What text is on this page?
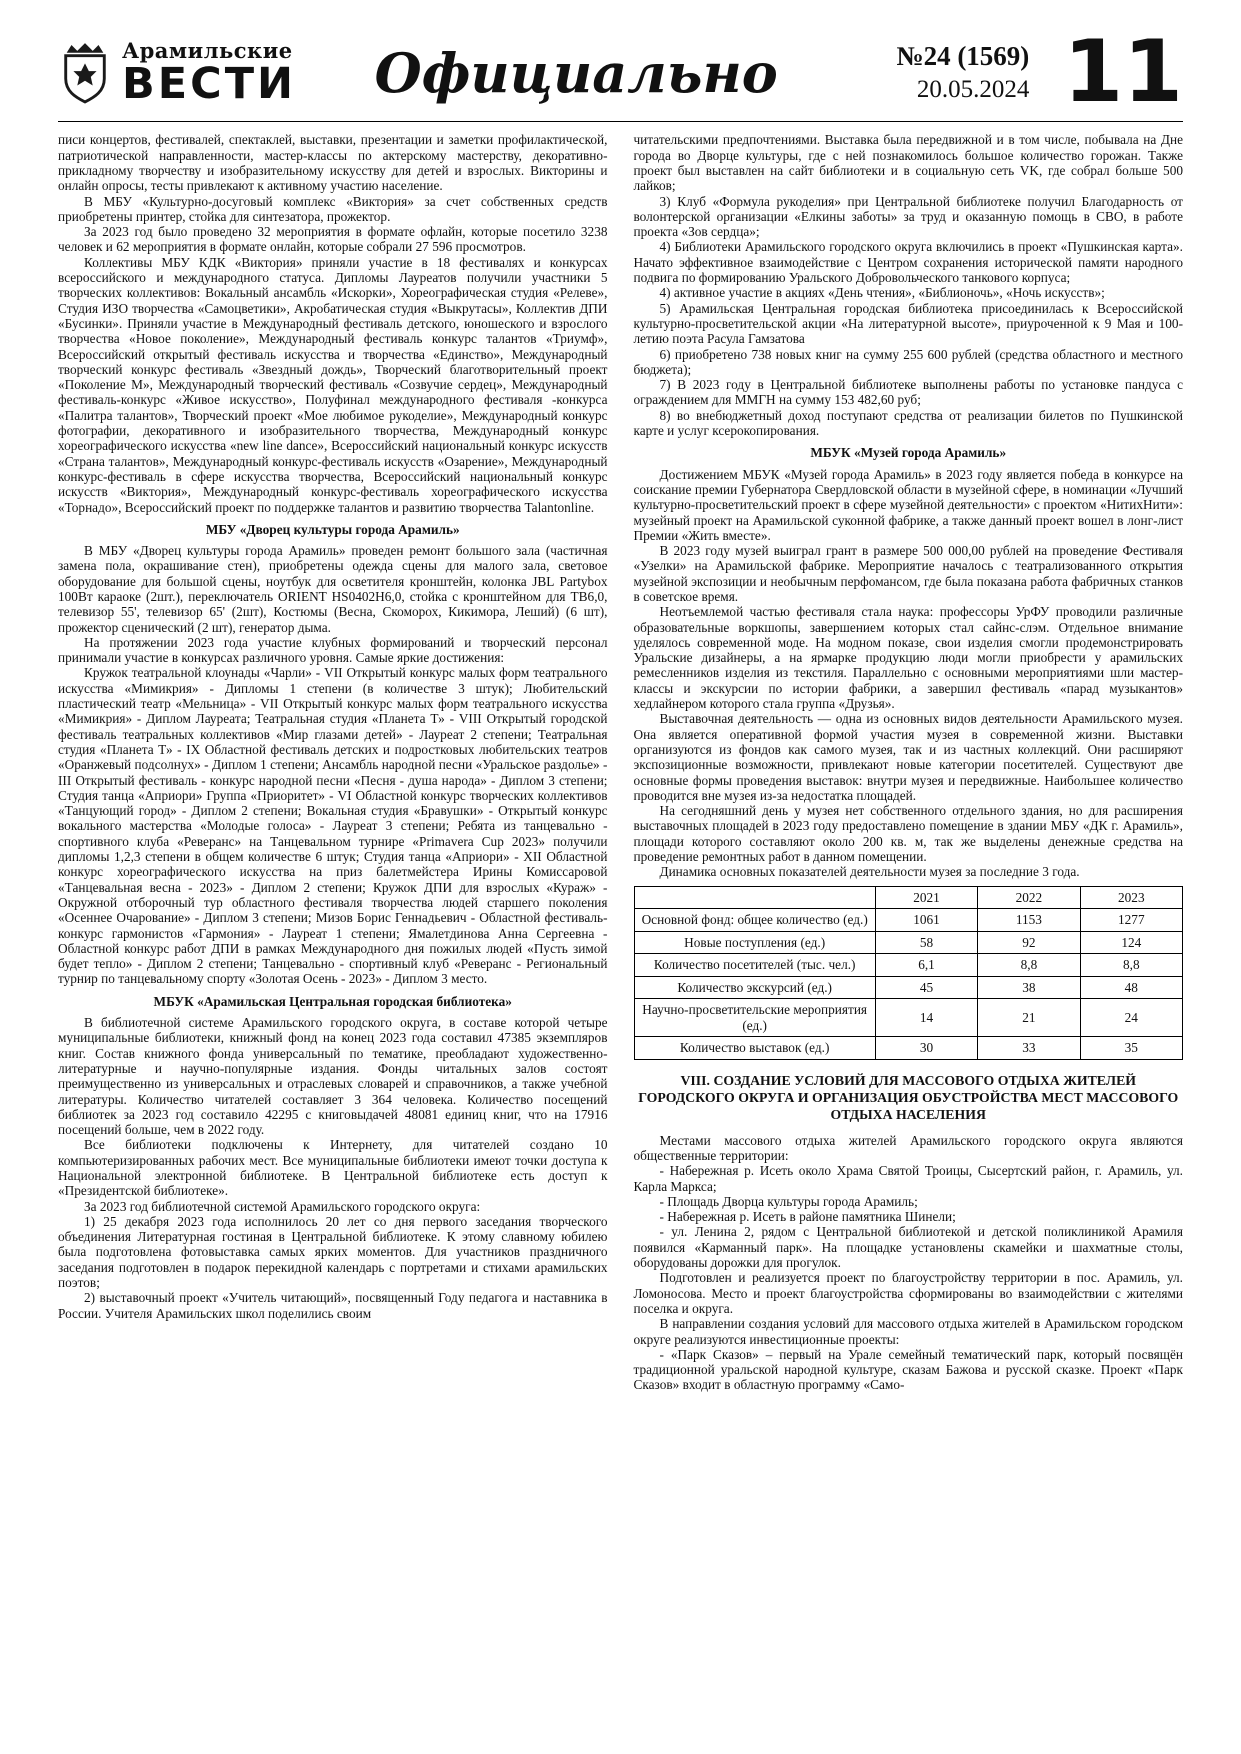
Арамильские
ВЕСТИ	Официально	№24 (1569)
20.05.2024 11

писи концертов, фестивалей, спектаклей, выставки, презентации и заметки профилактической, патриотической направленности, мастер-классы по актерскому мастерству, декоративно-прикладному творчеству и изобразительному искусству для детей и взрослых. Викторины и онлайн опросы, тесты привлекают к активному участию население.

В МБУ «Культурно-досуговый комплекс «Виктория» за счет собственных средств приобретены принтер, стойка для синтезатора, прожектор.

За 2023 год было проведено 32 мероприятия в формате офлайн, которые посетило 3238 человек и 62 мероприятия в формате онлайн, которые собрали 27 596 просмотров.

Коллективы МБУ КДК «Виктория» приняли участие в 18 фестивалях и конкурсах всероссийского и международного статуса. Дипломы Лауреатов получили участники 5 творческих коллективов: Вокальный ансамбль «Искорки», Хореографическая студия «Релеве», Студия ИЗО творчества «Самоцветики», Акробатическая студия «Выкрутасы», Коллектив ДПИ «Бусинки». Приняли участие в Международный фестиваль детского, юношеского и взрослого творчества «Новое поколение», Международный фестиваль конкурс талантов «Триумф», Всероссийский открытый фестиваль искусства и творчества «Единство», Международный творческий конкурс фестиваль «Звездный дождь», Творческий благотворительный проект «Поколение М», Международный творческий фестиваль «Созвучие сердец», Международный фестиваль-конкурс «Живое искусство», Полуфинал международного фестиваля -конкурса «Палитра талантов», Творческий проект «Мое любимое рукоделие», Международный конкурс фотографии, декоративного и изобразительного творчества, Международный конкурс хореографического искусства «new line dance», Всероссийский национальный конкурс искусств «Страна талантов», Международный конкурс-фестиваль искусств «Озарение», Международный конкурс-фестиваль в сфере искусства творчества, Всероссийский национальный конкурс искусств «Виктория», Международный конкурс-фестиваль хореографического искусства «Торнадо», Всероссийский проект по поддержке талантов и развитию творчества Talantonline.

МБУ «Дворец культуры города Арамиль»

В МБУ «Дворец культуры города Арамиль» проведен ремонт большого зала (частичная замена пола, окрашивание стен), приобретены одежда сцены для малого зала, световое оборудование для большой сцены, ноутбук для осветителя кронштейн, колонка JBL Partybox 100Вт караоке (2шт.), переключатель ORIENT HS0402H6,0, стойка с кронштейном для ТВ6,0, телевизор 55', телевизор 65' (2шт), Костюмы (Весна, Скоморох, Кикимора, Леший) (6 шт), прожектор сценический (2 шт), генератор дыма.

На протяжении 2023 года участие клубных формирований и творческий персонал принимали участие в конкурсах различного уровня. Самые яркие достижения:

Кружок театральной клоунады «Чарли» - VII Открытый конкурс малых форм театрального искусства «Мимикрия» - Дипломы 1 степени (в количестве 3 штук); Любительский пластический театр «Мельница» - VII Открытый конкурс малых форм театрального искусства «Мимикрия» - Диплом Лауреата; Театральная студия «Планета Т» - VIII Открытый городской фестиваль театральных коллективов «Мир глазами детей» - Лауреат 2 степени; Театральная студия «Планета Т» - IX Областной фестиваль детских и подростковых любительских театров «Оранжевый подсолнух» - Диплом 1 степени; Ансамбль народной песни «Уральское раздолье» - III Открытый фестиваль - конкурс народной песни «Песня - душа народа» - Диплом 3 степени; Студия танца «Априори» Группа «Приоритет» - VI Областной конкурс творческих коллективов «Танцующий город» - Диплом 2 степени; Вокальная студия «Бравушки» - Открытый конкурс вокального мастерства «Молодые голоса» - Лауреат 3 степени; Ребята из танцевально - спортивного клуба «Реверанс» на Танцевальном турнире «Primavera Cup 2023» получили дипломы 1,2,3 степени в общем количестве 6 штук; Студия танца «Априори» - XII Областной конкурс хореографического искусства на приз балетмейстера Ирины Комиссаровой «Танцевальная весна - 2023» - Диплом 2 степени; Кружок ДПИ для взрослых «Кураж» - Окружной отборочный тур областного фестиваля творчества людей старшего поколения «Осеннее Очарование» - Диплом 3 степени; Мизов Борис Геннадьевич - Областной фестиваль-конкурс гармонистов «Гармония» - Лауреат 1 степени; Ямалетдинова Анна Сергеевна - Областной конкурс работ ДПИ в рамках Международного дня пожилых людей «Пусть зимой будет тепло» - Диплом 2 степени; Танцевально - спортивный клуб «Реверанс - Региональный турнир по танцевальному спорту «Золотая Осень - 2023» - Диплом 3 место.

МБУК «Арамильская Центральная городская библиотека»

В библиотечной системе Арамильского городского округа, в составе которой четыре муниципальные библиотеки, книжный фонд на конец 2023 года составил 47385 экземпляров книг. Состав книжного фонда универсальный по тематике, преобладают художественно-литературные и научно-популярные издания. Фонды читальных залов состоят преимущественно из универсальных и отраслевых словарей и справочников, а также учебной литературы. Количество читателей составляет 3 364 человека. Количество посещений библиотек за 2023 год составило 42295 с книговыдачей 48081 единиц книг, что на 17916 посещений больше, чем в 2022 году.

Все библиотеки подключены к Интернету, для читателей создано 10 компьютеризированных рабочих мест. Все муниципальные библиотеки имеют точки доступа к Национальной электронной библиотеке. В Центральной библиотеке есть доступ к «Президентской библиотеке».

За 2023 год библиотечной системой Арамильского городского округа:

1) 25 декабря 2023 года исполнилось 20 лет со дня первого заседания творческого объединения Литературная гостиная в Центральной библиотеке. К этому славному юбилею была подготовлена фотовыставка самых ярких моментов. Для участников праздничного заседания подготовлен в подарок перекидной календарь с портретами и стихами арамильских поэтов;

2) выставочный проект «Учитель читающий», посвященный Году педагога и наставника в России. Учителя Арамильских школ поделились своим

читательскими предпочтениями. Выставка была передвижной и в том числе, побывала на Дне города во Дворце культуры, где с ней познакомилось большое количество горожан. Также проект был выставлен на сайт библиотеки и в социальную сеть VK, где собрал больше 500 лайков;

3) Клуб «Формула рукоделия» при Центральной библиотеке получил Благодарность от волонтерской организации «Елкины заботы» за труд и оказанную помощь в СВО, в работе проекта «Зов сердца»;

4) Библиотеки Арамильского городского округа включились в проект «Пушкинская карта». Начато эффективное взаимодействие с Центром сохранения исторической памяти народного подвига по формированию Уральского Добровольческого танкового корпуса;

4) активное участие в акциях «День чтения», «Библионочь», «Ночь искусств»;

5) Арамильская Центральная городская библиотека присоединилась к Всероссийской культурно-просветительской акции «На литературной высоте», приуроченной к 9 Мая и 100-летию поэта Расула Гамзатова

6) приобретено 738 новых книг на сумму 255 600 рублей (средства областного и местного бюджета);

7) В 2023 году в Центральной библиотеке выполнены работы по установке пандуса с ограждением для ММГН на сумму 153 482,60 руб;

8) во внебюджетный доход поступают средства от реализации билетов по Пушкинской карте и услуг ксерокопирования.

МБУК «Музей города Арамиль»

Достижением МБУК «Музей города Арамиль» в 2023 году является победа в конкурсе на соискание премии Губернатора Свердловской области в музейной сфере, в номинации «Лучший культурно-просветительский проект в сфере музейной деятельности» с проектом «НитихНити»: музейный проект на Арамильской суконной фабрике, а также данный проект вошел в лонг-лист Премии «Жить вместе».

В 2023 году музей выиграл грант в размере 500 000,00 рублей на проведение Фестиваля «Узелки» на Арамильской фабрике. Мероприятие началось с театрализованного открытия музейной экспозиции и необычным перфомансом, где была показана работа фабричных станков в советское время.

Неотъемлемой частью фестиваля стала наука: профессоры УрФУ проводили различные образовательные воркшопы, завершением которых стал сайнс-слэм. Отдельное внимание уделялось современной моде. На модном показе, свои изделия смогли продемонстрировать Уральские дизайнеры, а на ярмарке продукцию люди могли приобрести у арамильских ремесленников изделия из текстиля. Параллельно с основными мероприятиями шли мастер-классы и экскурсии по истории фабрики, а завершил фестиваль «парад музыкантов» хедлайнером которого стала группа «Друзья».

Выставочная деятельность — одна из основных видов деятельности Арамильского музея. Она является оперативной формой участия музея в современной жизни. Выставки организуются из фондов как самого музея, так и из частных коллекций. Они расширяют экспозиционные возможности, привлекают новые категории посетителей. Существуют две основные формы проведения выставок: внутри музея и передвижные. Наибольшее количество проводится вне музея из-за недостатка площадей.

На сегодняшний день у музея нет собственного отдельного здания, но для расширения выставочных площадей в 2023 году предоставлено помещение в здании МБУ «ДК г. Арамиль», площади которого составляют около 200 кв. м, так же выделены денежные средства на проведение ремонтных работ в данном помещении.

Динамика основных показателей деятельности музея за последние 3 года.

	2021	2022	2023
Основной фонд: общее количество (ед.)	1061	1153	1277
Новые поступления (ед.)	58	92	124
Количество посетителей (тыс. чел.)	6,1	8,8	8,8
Количество экскурсий (ед.)	45	38	48
Научно-просветительские мероприятия (ед.)	14	21	24
Количество выставок (ед.)	30	33	35
VIII. СОЗДАНИЕ УСЛОВИЙ ДЛЯ МАССОВОГО ОТДЫХА ЖИТЕЛЕЙ ГОРОДСКОГО ОКРУГА И ОРГАНИЗАЦИЯ ОБУСТРОЙСТВА МЕСТ МАССОВОГО ОТДЫХА НАСЕЛЕНИЯ

Местами массового отдыха жителей Арамильского городского округа являются общественные территории:

- Набережная р. Исеть около Храма Святой Троицы, Сысертский район, г. Арамиль, ул. Карла Маркса;

- Площадь Дворца культуры города Арамиль;

- Набережная р. Исеть в районе памятника Шинели;

- ул. Ленина 2, рядом с Центральной библиотекой и детской поликлиникой Арамиля появился «Карманный парк». На площадке установлены скамейки и шахматные столы, оборудованы дорожки для прогулок.

Подготовлен и реализуется проект по благоустройству территории в пос. Арамиль, ул. Ломоносова. Место и проект благоустройства сформированы во взаимодействии с жителями поселка и округа.

В направлении создания условий для массового отдыха жителей в Арамильском городском округе реализуются инвестиционные проекты:

- «Парк Сказов» – первый на Урале семейный тематический парк, который посвящён традиционной уральской народной культуре, сказам Бажова и русской сказке. Проект «Парк Сказов» входит в областную программу «Само-
